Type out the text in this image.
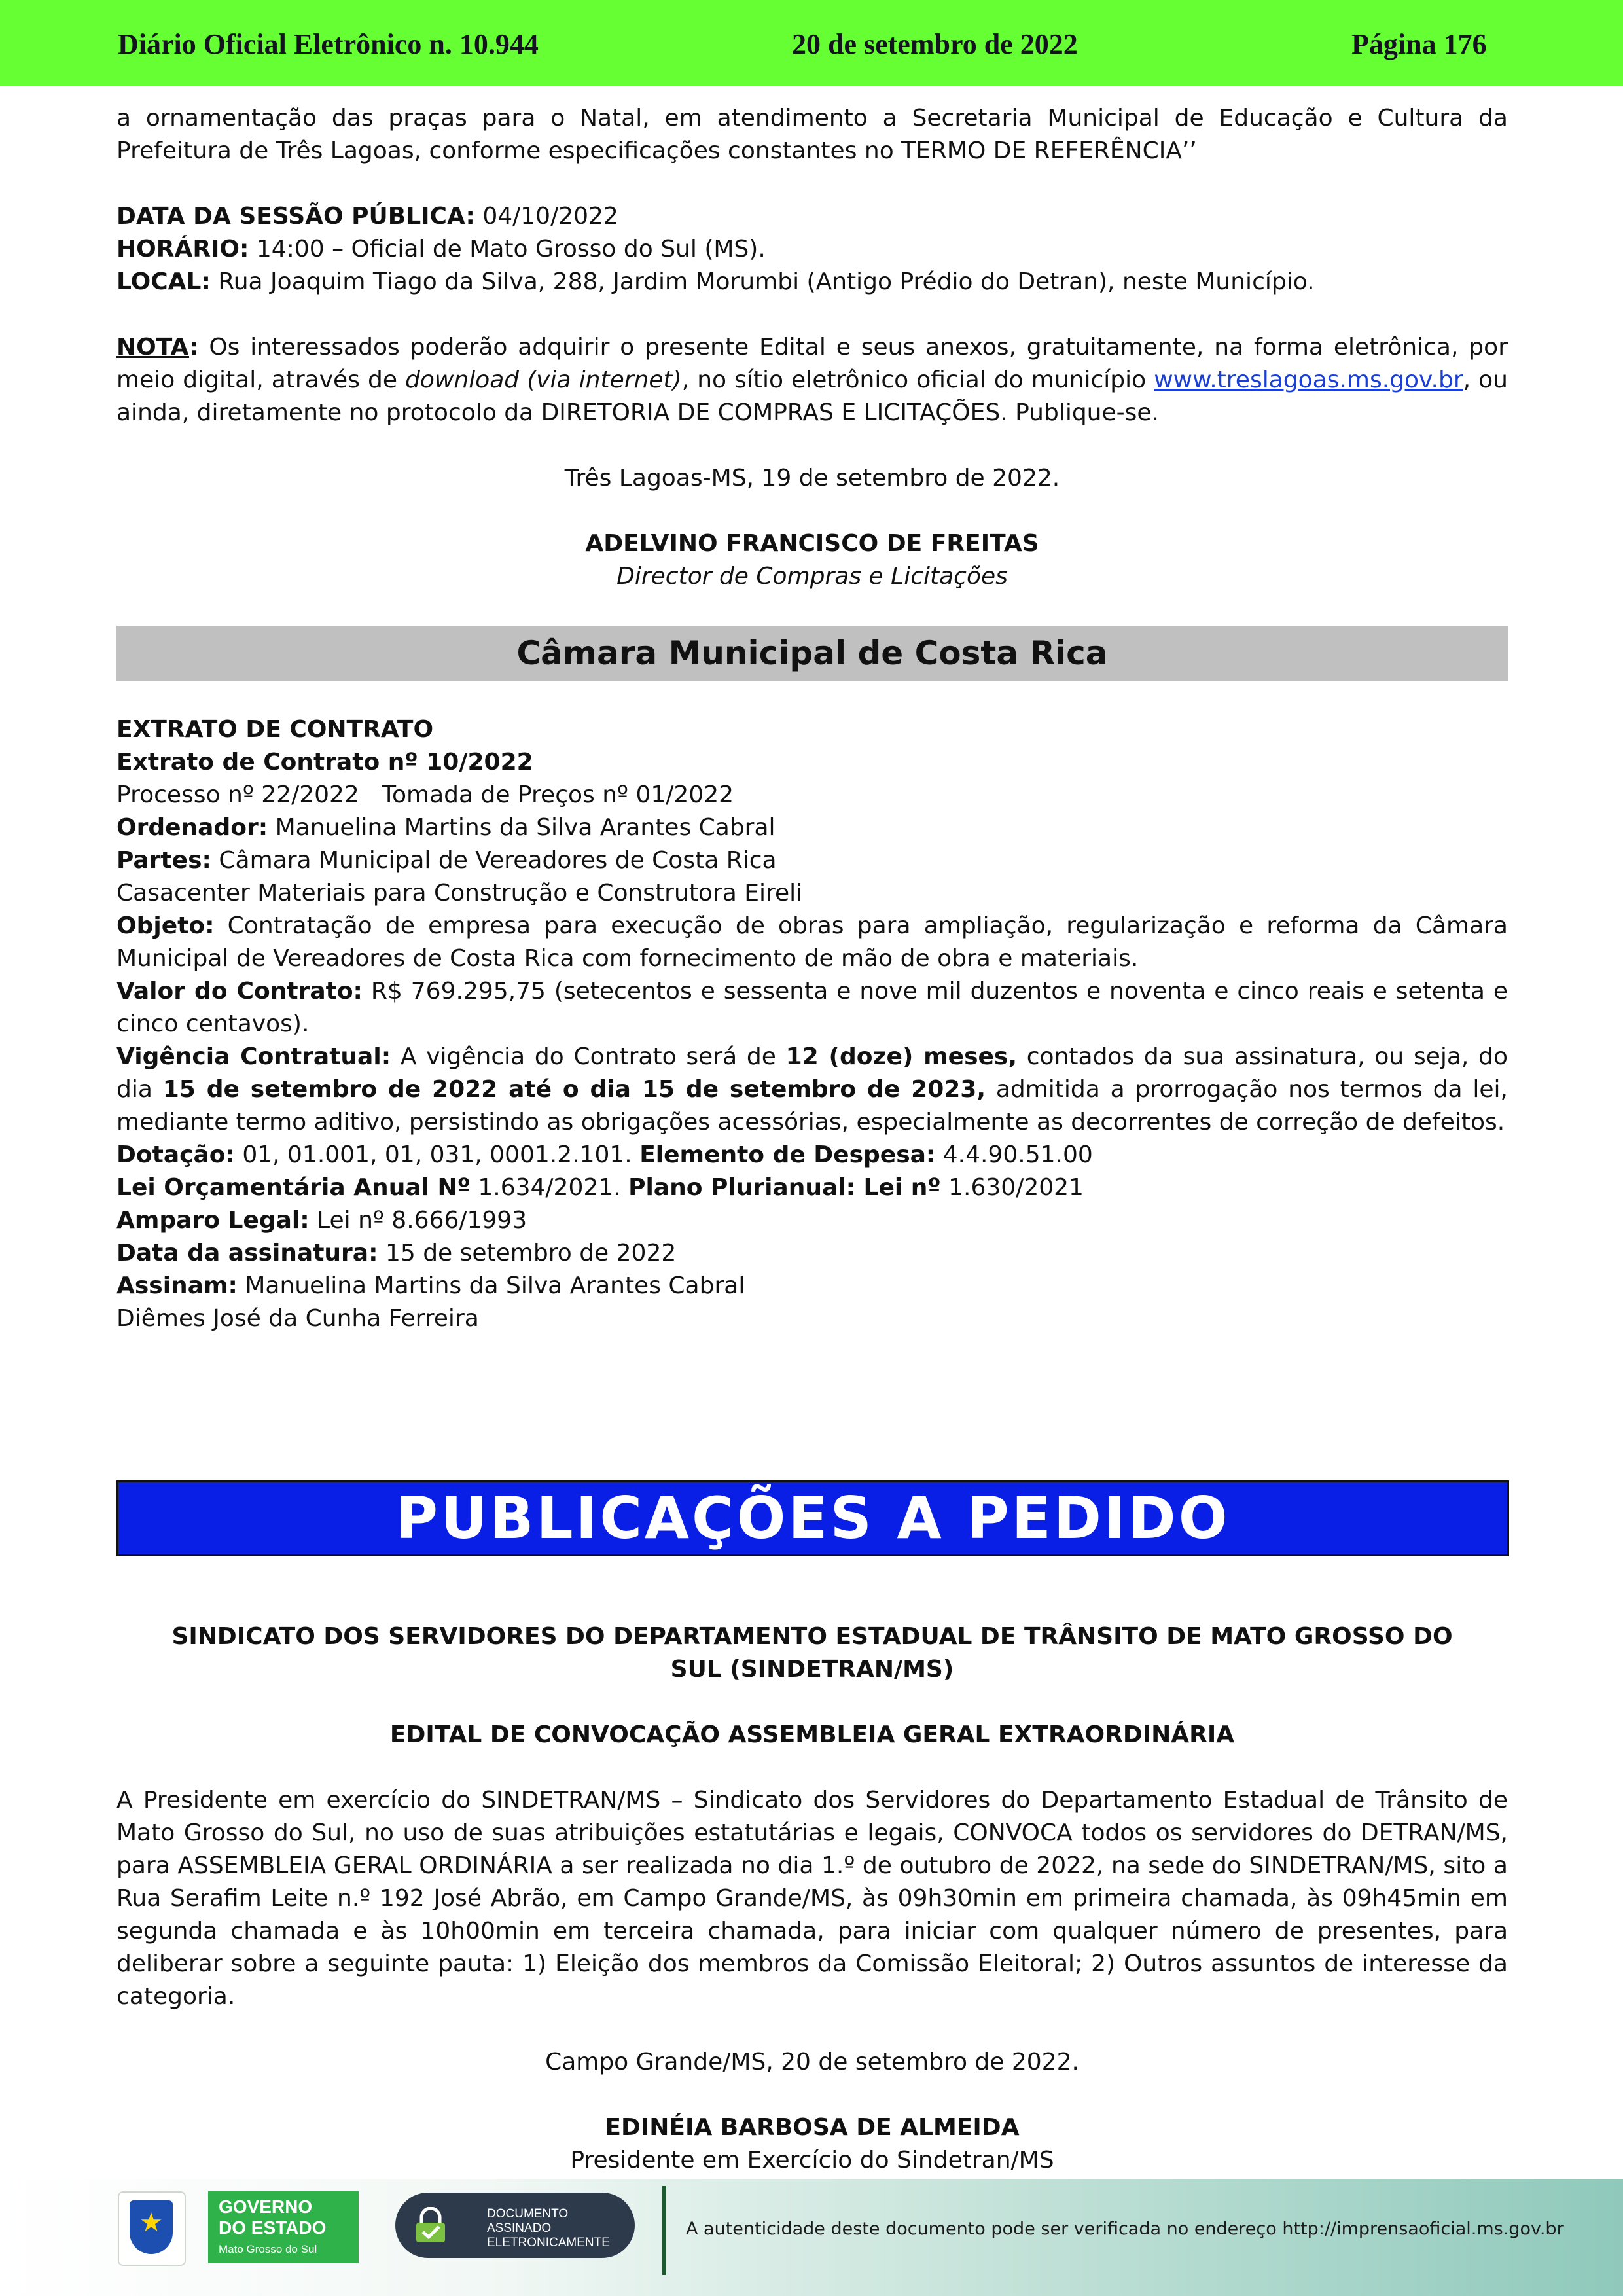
Diário Oficial Eletrônico n. 10.944	20 de setembro de 2022	Página 176

a ornamentação das praças para o Natal, em atendimento a Secretaria Municipal de Educação e Cultura da Prefeitura de Três Lagoas, conforme especificações constantes no TERMO DE REFERÊNCIA’’

DATA DA SESSÃO PÚBLICA: 04/10/2022

HORÁRIO: 14:00 – Oficial de Mato Grosso do Sul (MS).

LOCAL: Rua Joaquim Tiago da Silva, 288, Jardim Morumbi (Antigo Prédio do Detran), neste Município.

NOTA: Os interessados poderão adquirir o presente Edital e seus anexos, gratuitamente, na forma eletrônica, por meio digital, através de download (via internet), no sítio eletrônico oficial do município www.treslagoas.ms.gov.br, ou ainda, diretamente no protocolo da DIRETORIA DE COMPRAS E LICITAÇÕES. Publique-se.

Três Lagoas-MS, 19 de setembro de 2022.

ADELVINO FRANCISCO DE FREITAS

Director de Compras e Licitações

Câmara Municipal de Costa Rica

EXTRATO DE CONTRATO

Extrato de Contrato nº 10/2022

Processo nº 22/2022   Tomada de Preços nº 01/2022

Ordenador: Manuelina Martins da Silva Arantes Cabral

Partes: Câmara Municipal de Vereadores de Costa Rica

Casacenter Materiais para Construção e Construtora Eireli

Objeto: Contratação de empresa para execução de obras para ampliação, regularização e reforma da Câmara Municipal de Vereadores de Costa Rica com fornecimento de mão de obra e materiais.

Valor do Contrato: R$ 769.295,75 (setecentos e sessenta e nove mil duzentos e noventa e cinco reais e setenta e cinco centavos).

Vigência Contratual: A vigência do Contrato será de 12 (doze) meses, contados da sua assinatura, ou seja, do dia 15 de setembro de 2022 até o dia 15 de setembro de 2023, admitida a prorrogação nos termos da lei, mediante termo aditivo, persistindo as obrigações acessórias, especialmente as decorrentes de correção de defeitos.

Dotação: 01, 01.001, 01, 031, 0001.2.101. Elemento de Despesa: 4.4.90.51.00

Lei Orçamentária Anual Nº 1.634/2021. Plano Plurianual: Lei nº 1.630/2021

Amparo Legal: Lei nº 8.666/1993

Data da assinatura: 15 de setembro de 2022

Assinam: Manuelina Martins da Silva Arantes Cabral

Diêmes José da Cunha Ferreira

PUBLICAÇÕES A PEDIDO

SINDICATO DOS SERVIDORES DO DEPARTAMENTO ESTADUAL DE TRÂNSITO DE MATO GROSSO DO

SUL (SINDETRAN/MS)

EDITAL DE CONVOCAÇÃO ASSEMBLEIA GERAL EXTRAORDINÁRIA

A Presidente em exercício do SINDETRAN/MS – Sindicato dos Servidores do Departamento Estadual de Trânsito de Mato Grosso do Sul, no uso de suas atribuições estatutárias e legais, CONVOCA todos os servidores do DETRAN/MS, para ASSEMBLEIA GERAL ORDINÁRIA a ser realizada no dia 1.º de outubro de 2022, na sede do SINDETRAN/MS, sito a Rua Serafim Leite n.º 192 José Abrão, em Campo Grande/MS, às 09h30min em primeira chamada, às 09h45min em segunda chamada e às 10h00min em terceira chamada, para iniciar com qualquer número de presentes, para deliberar sobre a seguinte pauta: 1) Eleição dos membros da Comissão Eleitoral; 2) Outros assuntos de interesse da categoria.

Campo Grande/MS, 20 de setembro de 2022.

EDINÉIA BARBOSA DE ALMEIDA

Presidente em Exercício do Sindetran/MS

★
GOVERNO
DO ESTADO
Mato Grosso do Sul
DOCUMENTO
ASSINADO
ELETRONICAMENTE
A autenticidade deste documento pode ser verificada no endereço http://imprensaoficial.ms.gov.br
